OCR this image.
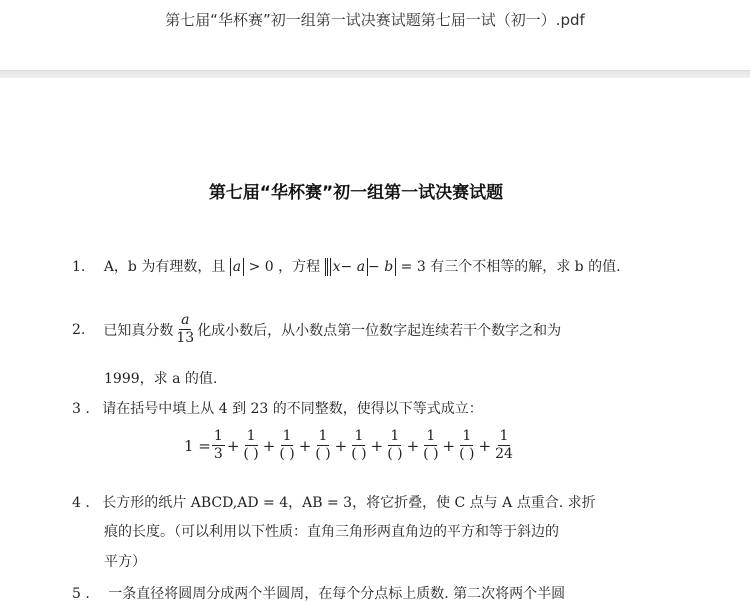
第七届“华杯赛”初一组第一试决赛试题第七届一试（初一）.pdf
第七届“华杯赛”初一组第一试决赛试题
1. A，b 为有理数，且 a > 0 ，方程 x− a − b = 3 有三个不相等的解，求 b 的值.
2. 已知真分数 $\frac{a}{13}$ 化成小数后，从小数点第一位数字起连续若干个数字之和为
1999，求 a 的值.
3 . 请在括号中填上从 4 到 23 的不同整数，使得以下等式成立：
$1 = \frac{1}{3} + \frac{1}{( )} + \frac{1}{( )} + \frac{1}{( )} + \frac{1}{( )} + \frac{1}{( )} + \frac{1}{( )} + \frac{1}{( )} + \frac{1}{24}$
4 . 长方形的纸片 ABCD,AD = 4，AB = 3，将它折叠，使 C 点与 A 点重合. 求折
痕的长度。（可以利用以下性质：直角三角形两直角边的平方和等于斜边的
平方）
5 . 一条直径将圆周分成两个半圆周，在每个分点标上质数. 第二次将两个半圆
